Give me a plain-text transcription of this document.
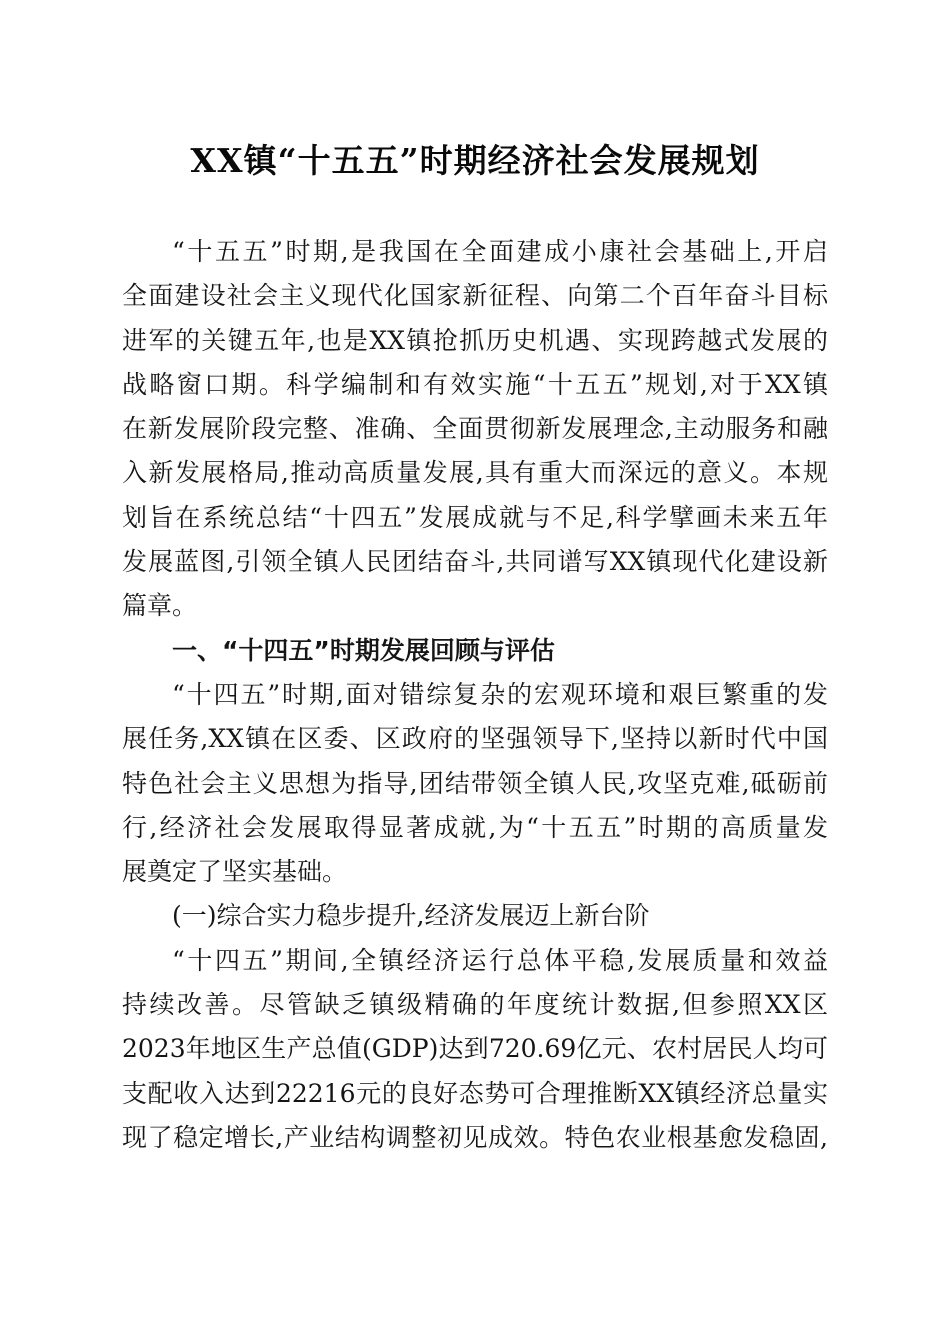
XX镇“十五五”时期经济社会发展规划
“十五五”时期,是我国在全面建成小康社会基础上,开启
全面建设社会主义现代化国家新征程、向第二个百年奋斗目标
进军的关键五年,也是XX镇抢抓历史机遇、实现跨越式发展的
战略窗口期。科学编制和有效实施“十五五”规划,对于XX镇
在新发展阶段完整、准确、全面贯彻新发展理念,主动服务和融
入新发展格局,推动高质量发展,具有重大而深远的意义。本规
划旨在系统总结“十四五”发展成就与不足,科学擘画未来五年
发展蓝图,引领全镇人民团结奋斗,共同谱写XX镇现代化建设新
篇章。
一、“十四五”时期发展回顾与评估
“十四五”时期,面对错综复杂的宏观环境和艰巨繁重的发
展任务,XX镇在区委、区政府的坚强领导下,坚持以新时代中国
特色社会主义思想为指导,团结带领全镇人民,攻坚克难,砥砺前
行,经济社会发展取得显著成就,为“十五五”时期的高质量发
展奠定了坚实基础。
(一)综合实力稳步提升,经济发展迈上新台阶
“十四五”期间,全镇经济运行总体平稳,发展质量和效益
持续改善。尽管缺乏镇级精确的年度统计数据,但参照XX区
2023年地区生产总值(GDP)达到720.69亿元、农村居民人均可
支配收入达到22216元的良好态势可合理推断XX镇经济总量实
现了稳定增长,产业结构调整初见成效。特色农业根基愈发稳固,
